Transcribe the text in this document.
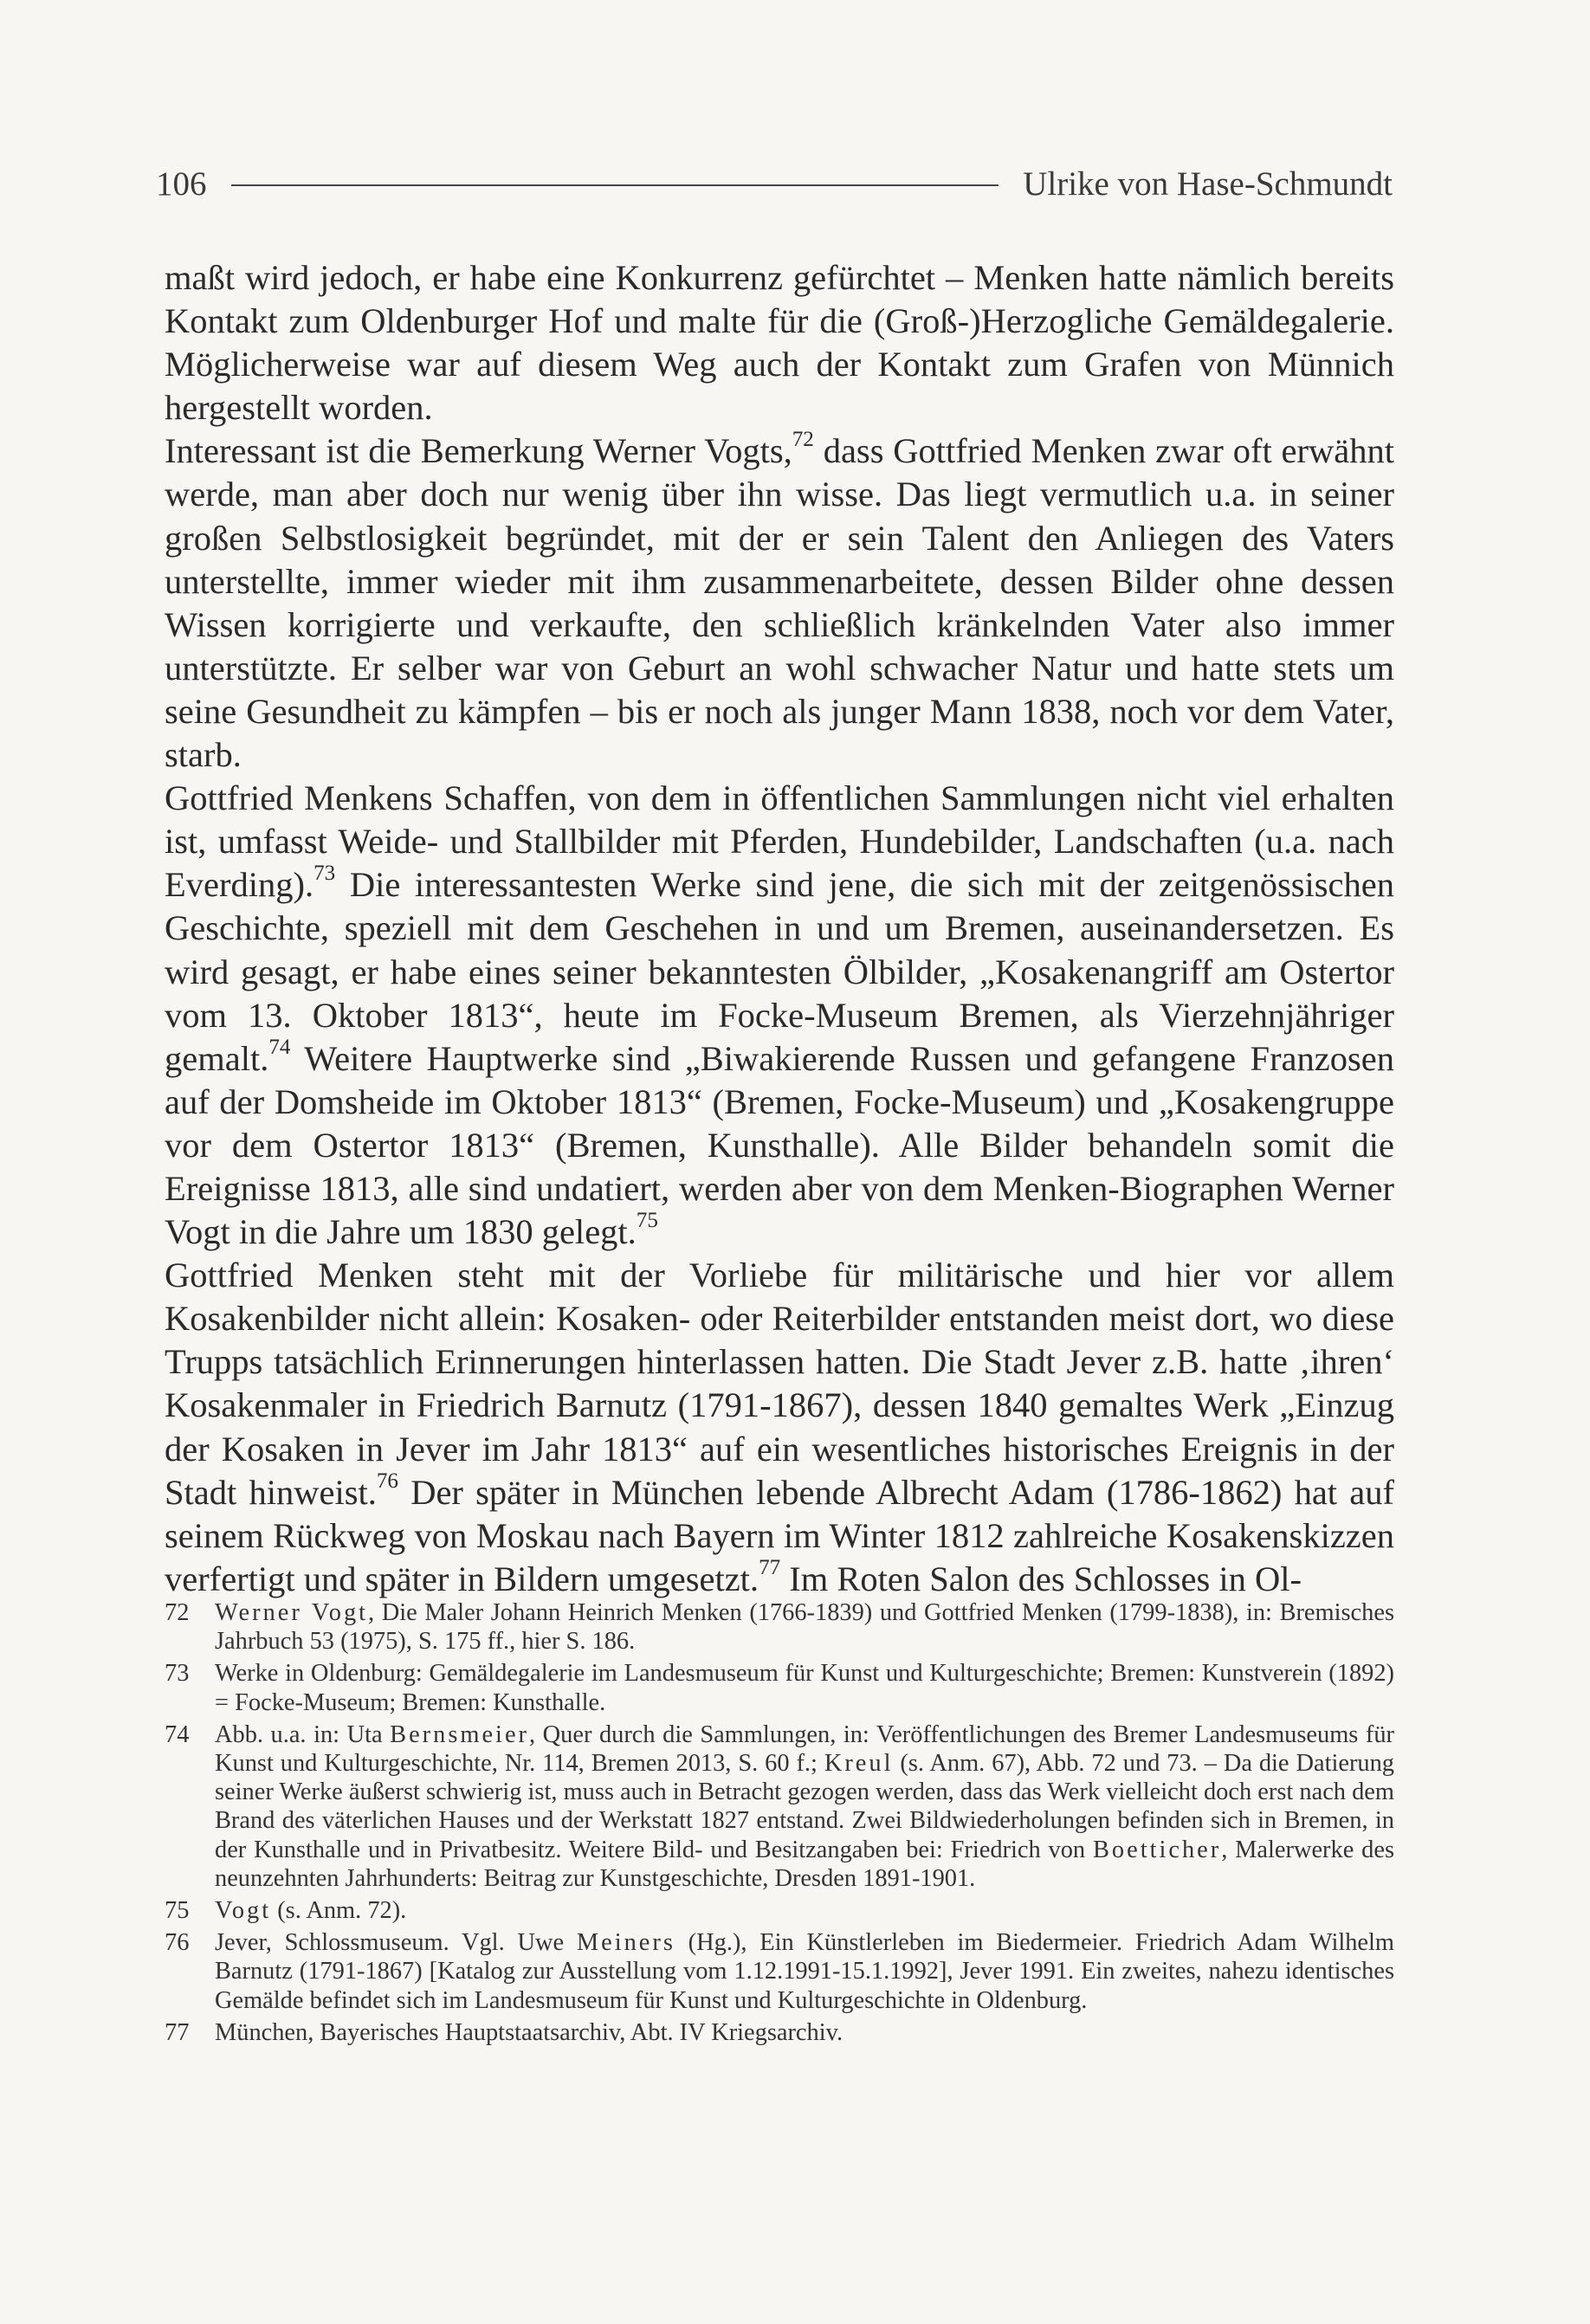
106	Ulrike von Hase-Schmundt

maßt wird jedoch, er habe eine Konkurrenz gefürchtet – Menken hatte nämlich bereits Kontakt zum Oldenburger Hof und malte für die (Groß-)Herzogliche Gemäldegalerie. Möglicherweise war auf diesem Weg auch der Kontakt zum Grafen von Münnich hergestellt worden.

Interessant ist die Bemerkung Werner Vogts,$^{72}$ dass Gottfried Menken zwar oft erwähnt werde, man aber doch nur wenig über ihn wisse. Das liegt vermutlich u.a. in seiner großen Selbstlosigkeit begründet, mit der er sein Talent den Anliegen des Vaters unterstellte, immer wieder mit ihm zusammenarbeitete, dessen Bilder ohne dessen Wissen korrigierte und verkaufte, den schließlich kränkelnden Vater also immer unterstützte. Er selber war von Geburt an wohl schwacher Natur und hatte stets um seine Gesundheit zu kämpfen – bis er noch als junger Mann 1838, noch vor dem Vater, starb.

Gottfried Menkens Schaffen, von dem in öffentlichen Sammlungen nicht viel erhalten ist, umfasst Weide- und Stallbilder mit Pferden, Hundebilder, Landschaften (u.a. nach Everding).$^{73}$ Die interessantesten Werke sind jene, die sich mit der zeitgenössischen Geschichte, speziell mit dem Geschehen in und um Bremen, auseinandersetzen. Es wird gesagt, er habe eines seiner bekanntesten Ölbilder, „Kosakenangriff am Ostertor vom 13. Oktober 1813“, heute im Focke-Museum Bremen, als Vierzehnjähriger gemalt.$^{74}$ Weitere Hauptwerke sind „Biwakierende Russen und gefangene Franzosen auf der Domsheide im Oktober 1813“ (Bremen, Focke-Museum) und „Kosakengruppe vor dem Ostertor 1813“ (Bremen, Kunsthalle). Alle Bilder behandeln somit die Ereignisse 1813, alle sind undatiert, werden aber von dem Menken-Biographen Werner Vogt in die Jahre um 1830 gelegt.$^{75}$

Gottfried Menken steht mit der Vorliebe für militärische und hier vor allem Kosakenbilder nicht allein: Kosaken- oder Reiterbilder entstanden meist dort, wo diese Trupps tatsächlich Erinnerungen hinterlassen hatten. Die Stadt Jever z.B. hatte ‚ihren‘ Kosakenmaler in Friedrich Barnutz (1791-1867), dessen 1840 gemaltes Werk „Einzug der Kosaken in Jever im Jahr 1813“ auf ein wesentliches historisches Ereignis in der Stadt hinweist.$^{76}$ Der später in München lebende Albrecht Adam (1786-1862) hat auf seinem Rückweg von Moskau nach Bayern im Winter 1812 zahlreiche Kosakenskizzen verfertigt und später in Bildern umgesetzt.$^{77}$ Im Roten Salon des Schlosses in Ol-

72	Werner Vogt, Die Maler Johann Heinrich Menken (1766-1839) und Gottfried Menken (1799-1838), in: Bremisches Jahrbuch 53 (1975), S. 175 ff., hier S. 186.
73	Werke in Oldenburg: Gemäldegalerie im Landesmuseum für Kunst und Kulturgeschichte; Bremen: Kunstverein (1892) = Focke-Museum; Bremen: Kunsthalle.
74	Abb. u.a. in: Uta Bernsmeier, Quer durch die Sammlungen, in: Veröffentlichungen des Bremer Landesmuseums für Kunst und Kulturgeschichte, Nr. 114, Bremen 2013, S. 60 f.; Kreul (s. Anm. 67), Abb. 72 und 73. – Da die Datierung seiner Werke äußerst schwierig ist, muss auch in Betracht gezogen werden, dass das Werk vielleicht doch erst nach dem Brand des väterlichen Hauses und der Werkstatt 1827 entstand. Zwei Bildwiederholungen befinden sich in Bremen, in der Kunsthalle und in Privatbesitz. Weitere Bild- und Besitzangaben bei: Friedrich von Boetticher, Malerwerke des neunzehnten Jahrhunderts: Beitrag zur Kunstgeschichte, Dresden 1891-1901.
75	Vogt (s. Anm. 72).
76	Jever, Schlossmuseum. Vgl. Uwe Meiners (Hg.), Ein Künstlerleben im Biedermeier. Friedrich Adam Wilhelm Barnutz (1791-1867) [Katalog zur Ausstellung vom 1.12.1991-15.1.1992], Jever 1991. Ein zweites, nahezu identisches Gemälde befindet sich im Landesmuseum für Kunst und Kulturgeschichte in Oldenburg.
77	München, Bayerisches Hauptstaatsarchiv, Abt. IV Kriegsarchiv.
